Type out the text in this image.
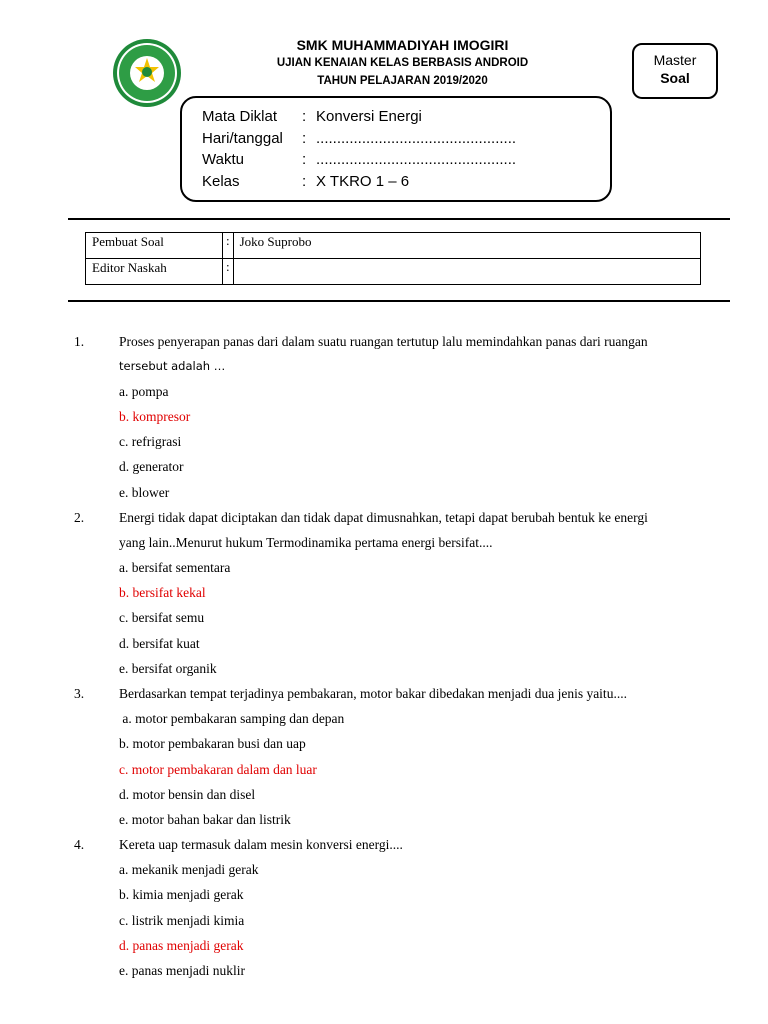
SMK MUHAMMADIYAH IMOGIRI
UJIAN KENAIAN KELAS BERBASIS ANDROID
TAHUN PELAJARAN 2019/2020
Master
Soal
Mata Diklat : Konversi Energi
Hari/tanggal : ................................................
Waktu	: ................................................
Kelas	: X TKRO 1 – 6
Pembuat Soal	:	Joko Suprobo
Editor Naskah	:	
1.	Proses penyerapan panas dari dalam suatu ruangan tertutup lalu memindahkan panas dari ruangan
tersebut adalah …
a. pompa
b. kompresor
c. refrigrasi
d. generator
e. blower
2.	Energi tidak dapat diciptakan dan tidak dapat dimusnahkan, tetapi dapat berubah bentuk ke energi
yang lain..Menurut hukum Termodinamika pertama energi bersifat....
a. bersifat sementara
b. bersifat kekal
c. bersifat semu
d. bersifat kuat
e. bersifat organik
3.	Berdasarkan tempat terjadinya pembakaran, motor bakar dibedakan menjadi dua jenis yaitu....
a. motor pembakaran samping dan depan
b. motor pembakaran busi dan uap
c. motor pembakaran dalam dan luar
d. motor bensin dan disel
e. motor bahan bakar dan listrik
4.	Kereta uap termasuk dalam mesin konversi energi....
a. mekanik menjadi gerak
b. kimia menjadi gerak
c. listrik menjadi kimia
d. panas menjadi gerak
e. panas menjadi nuklir
